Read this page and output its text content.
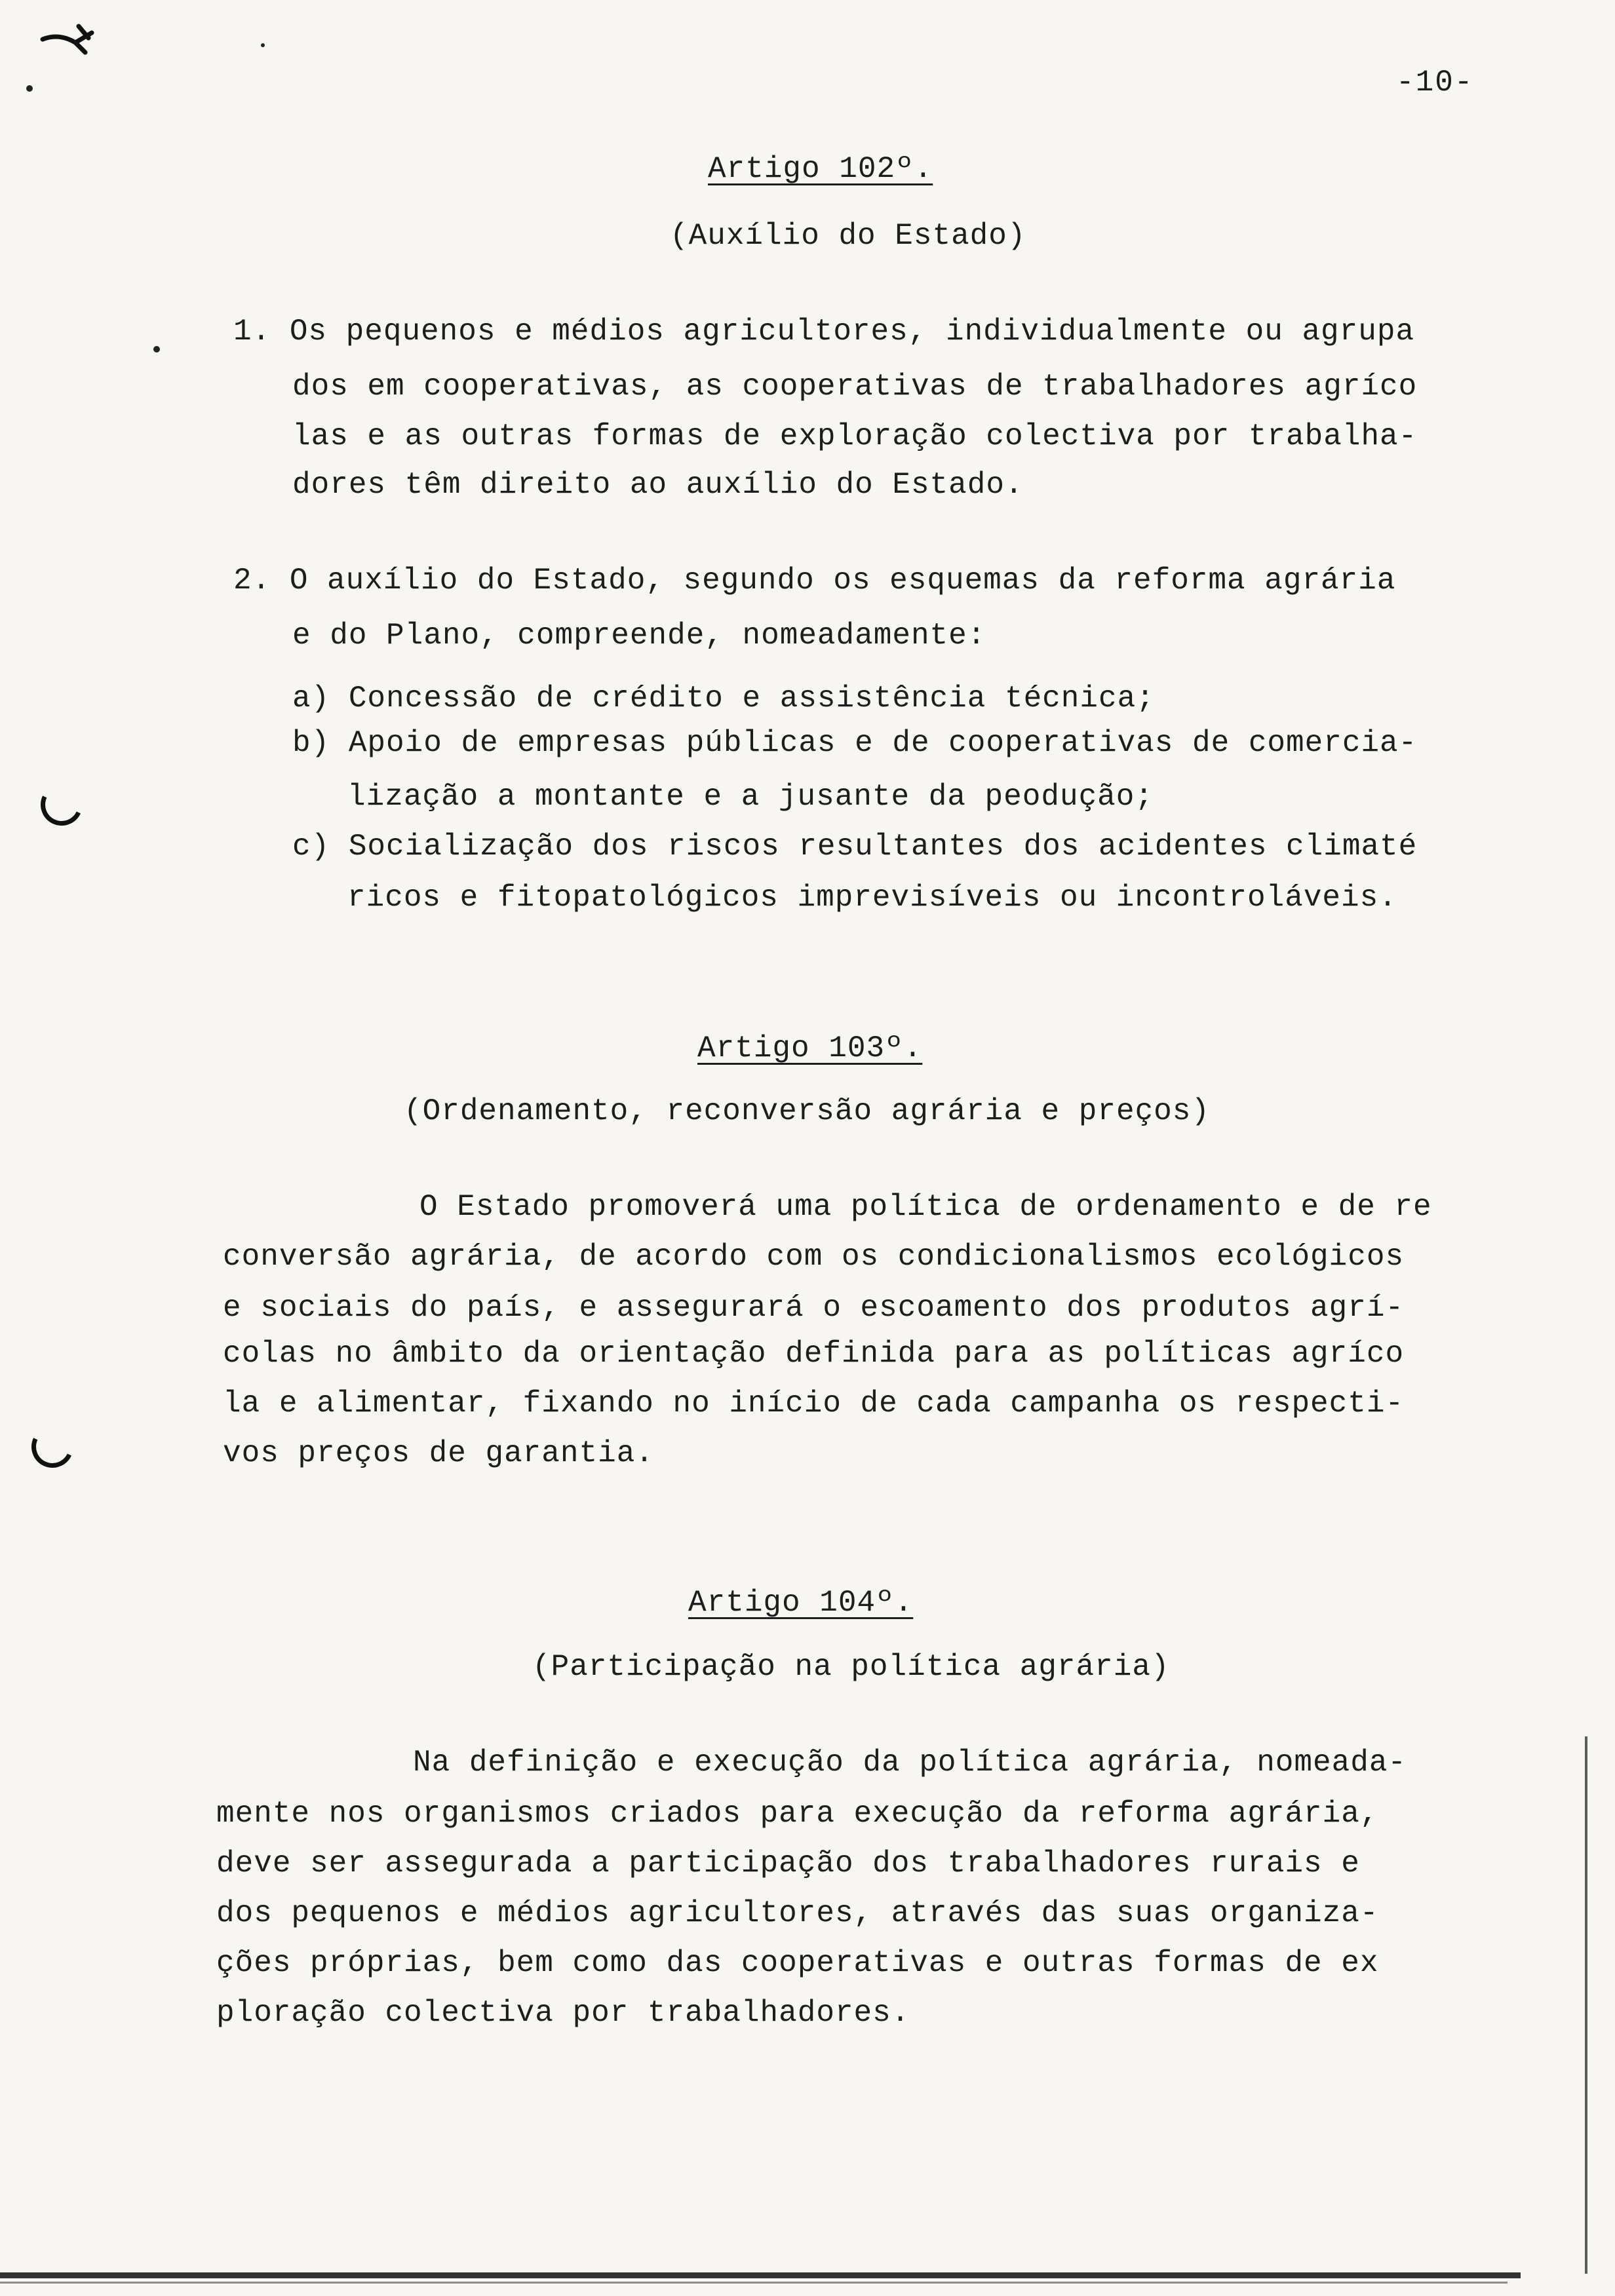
-10-
Artigo 102º.
(Auxílio do Estado)
1. Os pequenos e médios agricultores, individualmente ou agrupa
dos em cooperativas, as cooperativas de trabalhadores agríco
las e as outras formas de exploração colectiva por trabalha-
dores têm direito ao auxílio do Estado.
2. O auxílio do Estado, segundo os esquemas da reforma agrária
e do Plano, compreende, nomeadamente:
a) Concessão de crédito e assistência técnica;
b) Apoio de empresas públicas e de cooperativas de comercia-
lização a montante e a jusante da peodução;
c) Socialização dos riscos resultantes dos acidentes climaté
ricos e fitopatológicos imprevisíveis ou incontroláveis.
Artigo 103º.
(Ordenamento, reconversão agrária e preços)
O Estado promoverá uma política de ordenamento e de re
conversão agrária, de acordo com os condicionalismos ecológicos
e sociais do país, e assegurará o escoamento dos produtos agrí-
colas no âmbito da orientação definida para as políticas agríco
la e alimentar, fixando no início de cada campanha os respecti-
vos preços de garantia.
Artigo 104º.
(Participação na política agrária)
Na definição e execução da política agrária, nomeada-
mente nos organismos criados para execução da reforma agrária,
deve ser assegurada a participação dos trabalhadores rurais e
dos pequenos e médios agricultores, através das suas organiza-
ções próprias, bem como das cooperativas e outras formas de ex
ploração colectiva por trabalhadores.
